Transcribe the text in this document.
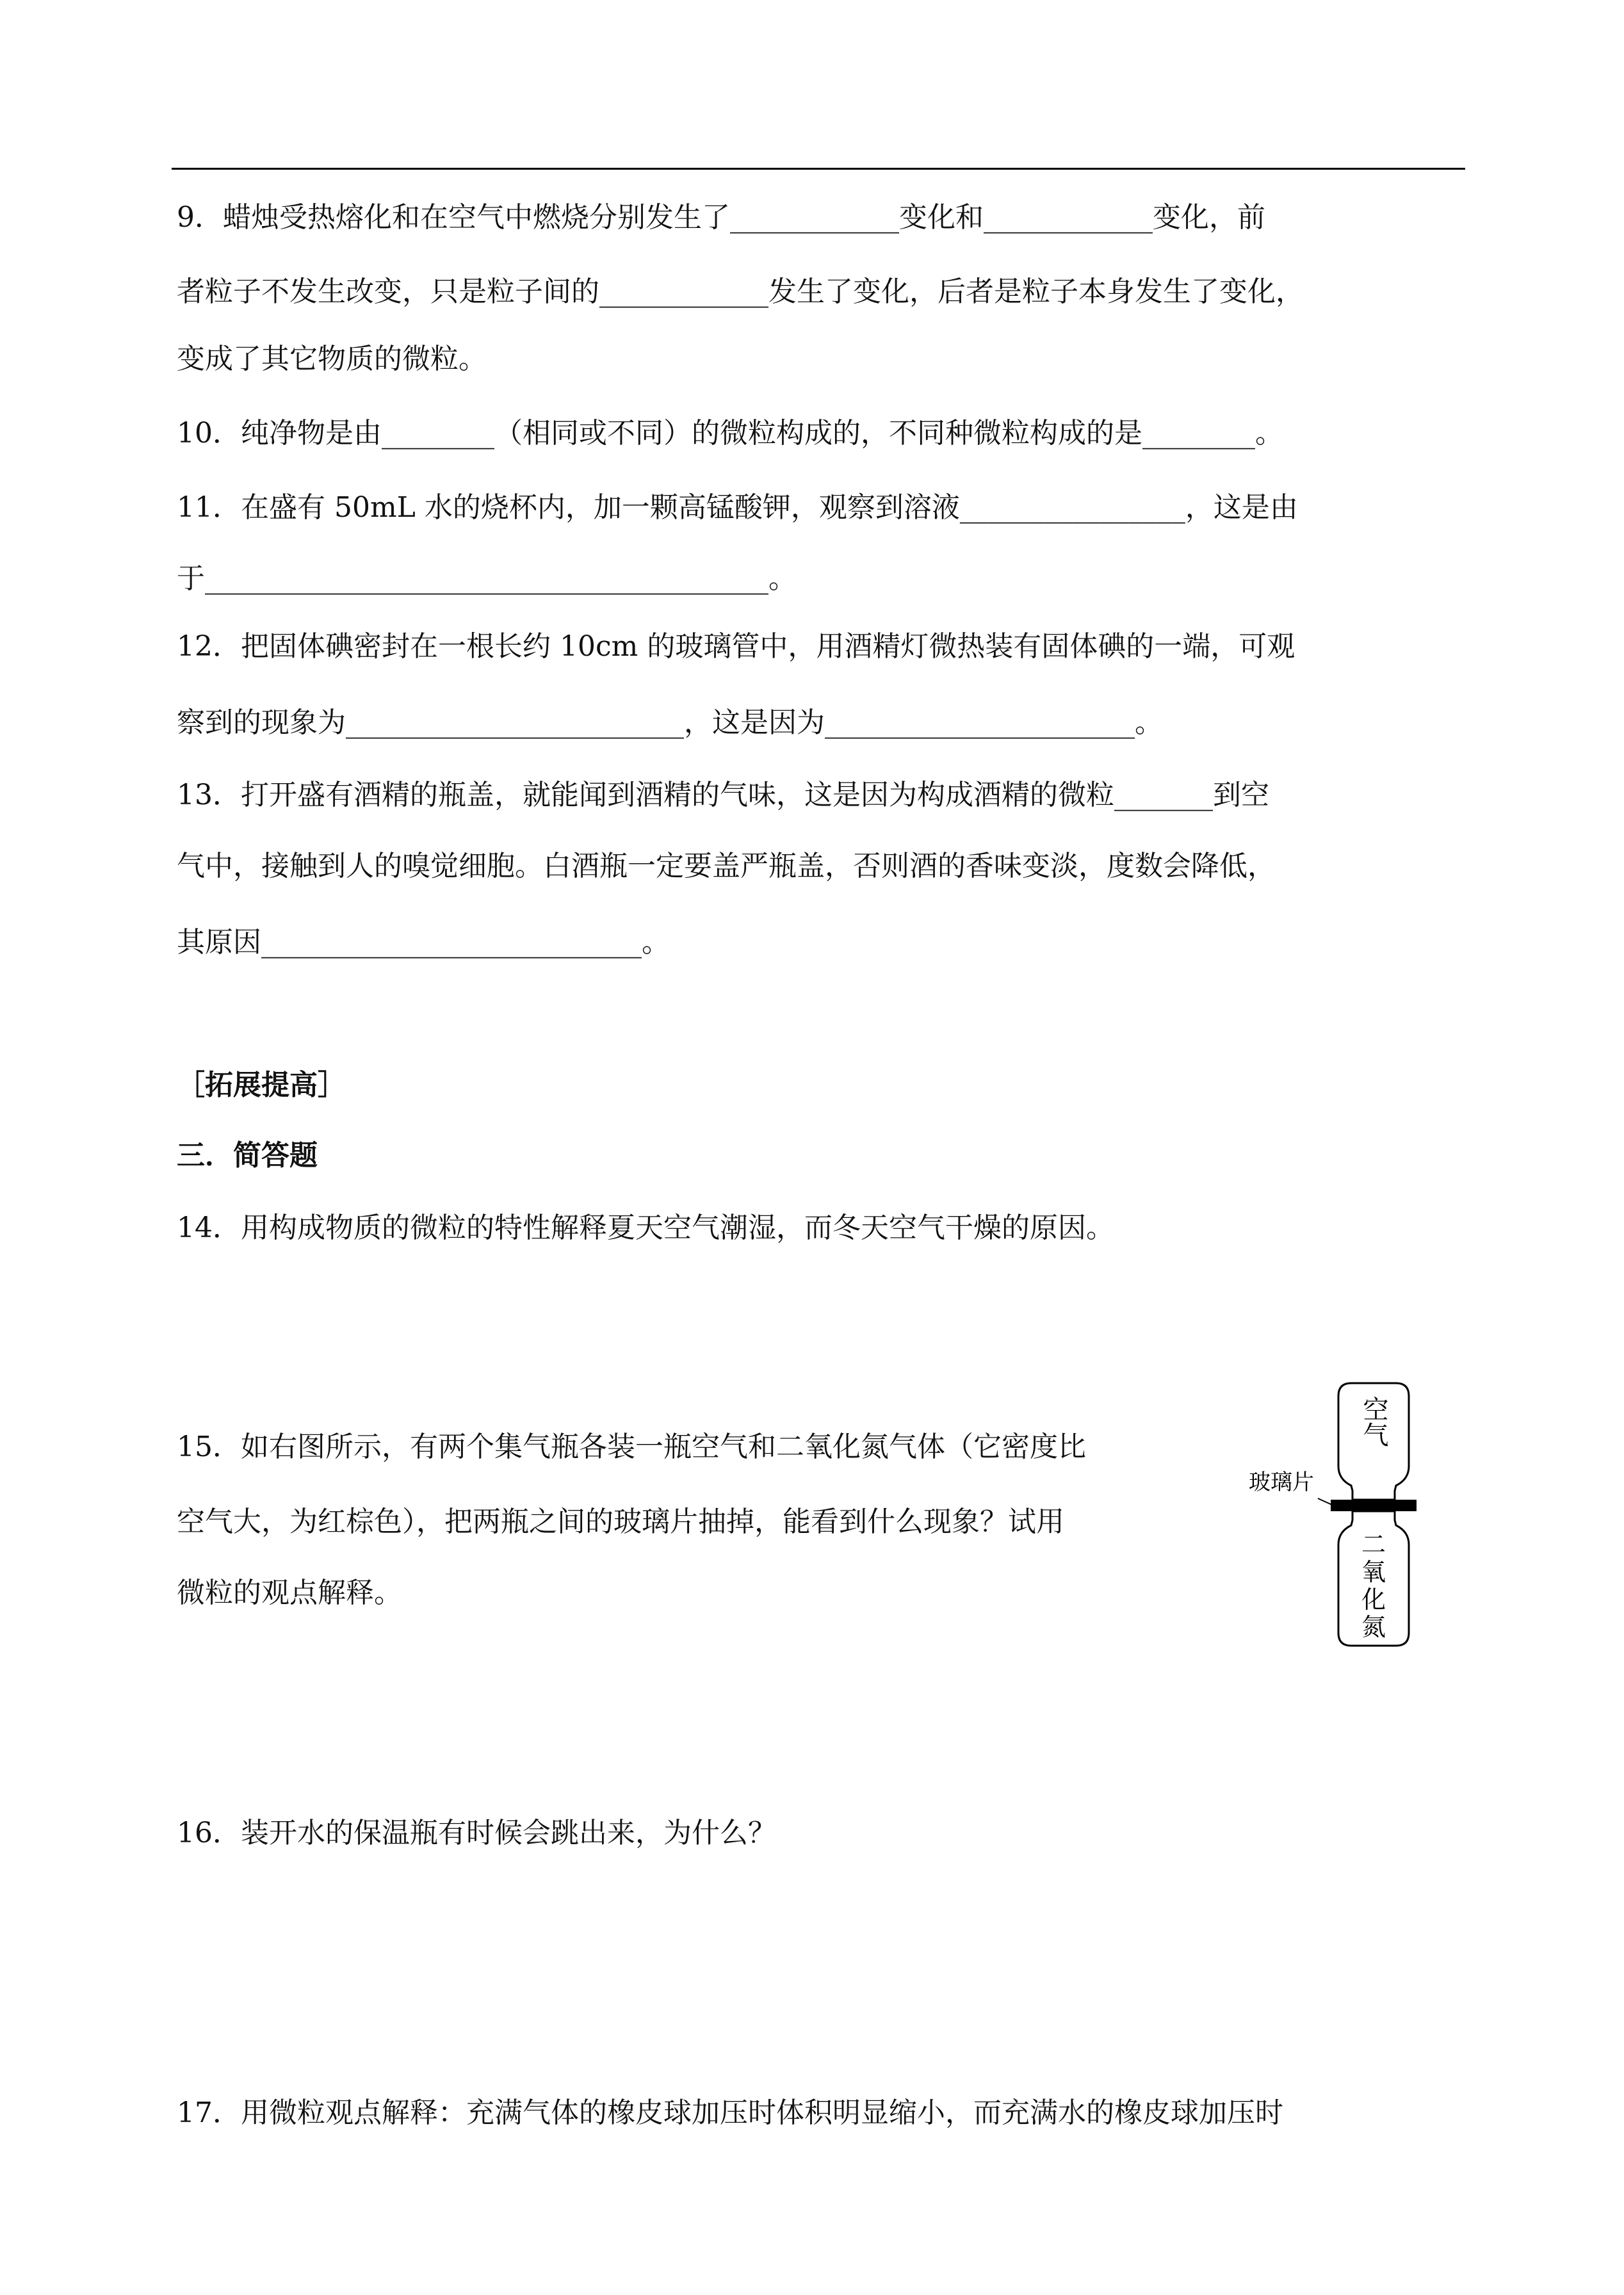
9．蜡烛受热熔化和在空气中燃烧分别发生了____________变化和____________变化，前
者粒子不发生改变，只是粒子间的____________发生了变化，后者是粒子本身发生了变化，
变成了其它物质的微粒。
10．纯净物是由________（相同或不同）的微粒构成的，不同种微粒构成的是________。
11．在盛有 50mL 水的烧杯内，加一颗高锰酸钾，观察到溶液________________，这是由
于________________________________________。
12．把固体碘密封在一根长约 10cm 的玻璃管中，用酒精灯微热装有固体碘的一端，可观
察到的现象为________________________，这是因为______________________。
13．打开盛有酒精的瓶盖，就能闻到酒精的气味，这是因为构成酒精的微粒_______到空
气中，接触到人的嗅觉细胞。白酒瓶一定要盖严瓶盖，否则酒的香味变淡，度数会降低，
其原因___________________________。
［拓展提高］
三．简答题
14．用构成物质的微粒的特性解释夏天空气潮湿，而冬天空气干燥的原因。
15．如右图所示，有两个集气瓶各装一瓶空气和二氧化氮气体（它密度比
空气大，为红棕色），把两瓶之间的玻璃片抽掉，能看到什么现象？试用
微粒的观点解释。
空气
玻璃片
二
氧
化
氮
16．装开水的保温瓶有时候会跳出来，为什么？
17．用微粒观点解释：充满气体的橡皮球加压时体积明显缩小，而充满水的橡皮球加压时
